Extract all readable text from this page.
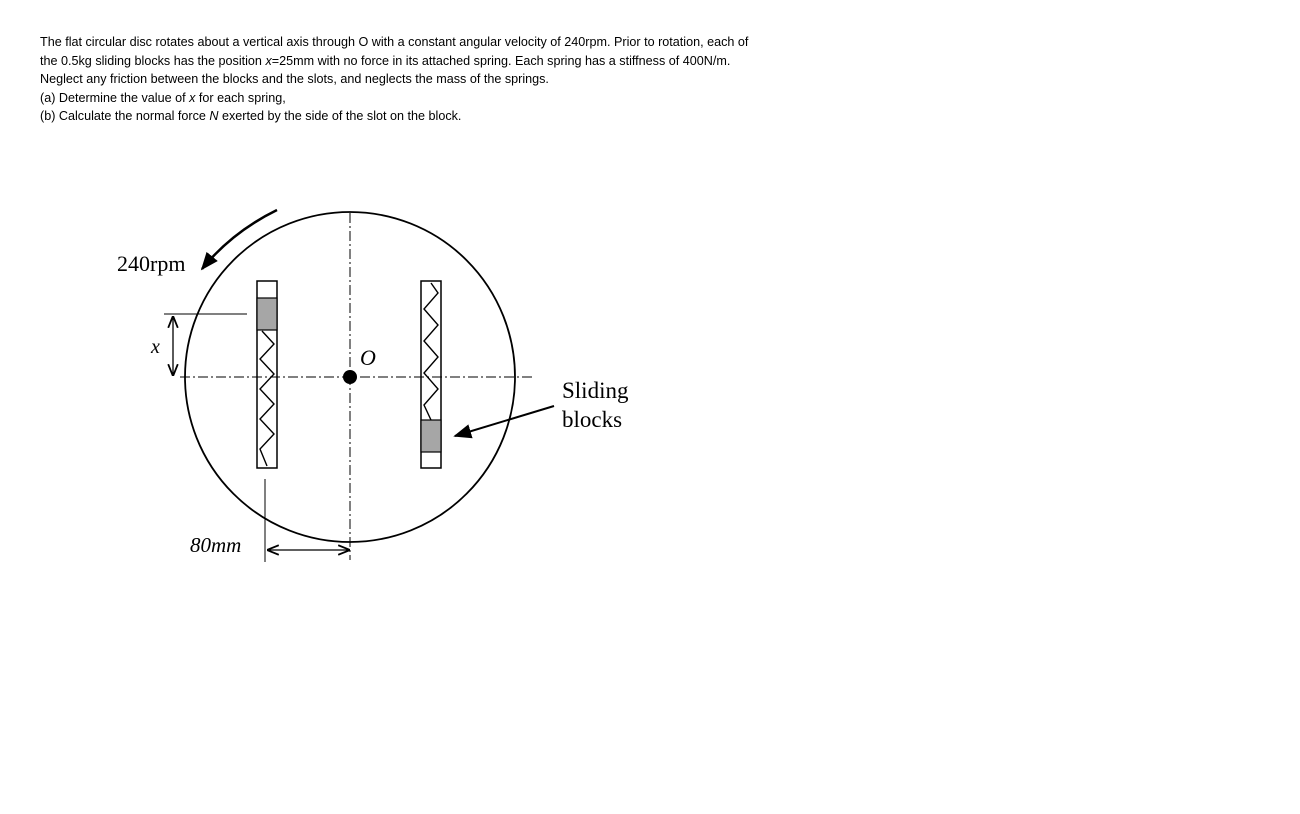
The flat circular disc rotates about a vertical axis through O with a constant angular velocity of 240rpm. Prior to rotation, each of the 0.5kg sliding blocks has the position x=25mm with no force in its attached spring. Each spring has a stiffness of 400N/m. Neglect any friction between the blocks and the slots, and neglects the mass of the springs.

(a) Determine the value of x for each spring,

(b) Calculate the normal force N exerted by the side of the slot on the block.

O
240rpm
x
80mm
Sliding
blocks
